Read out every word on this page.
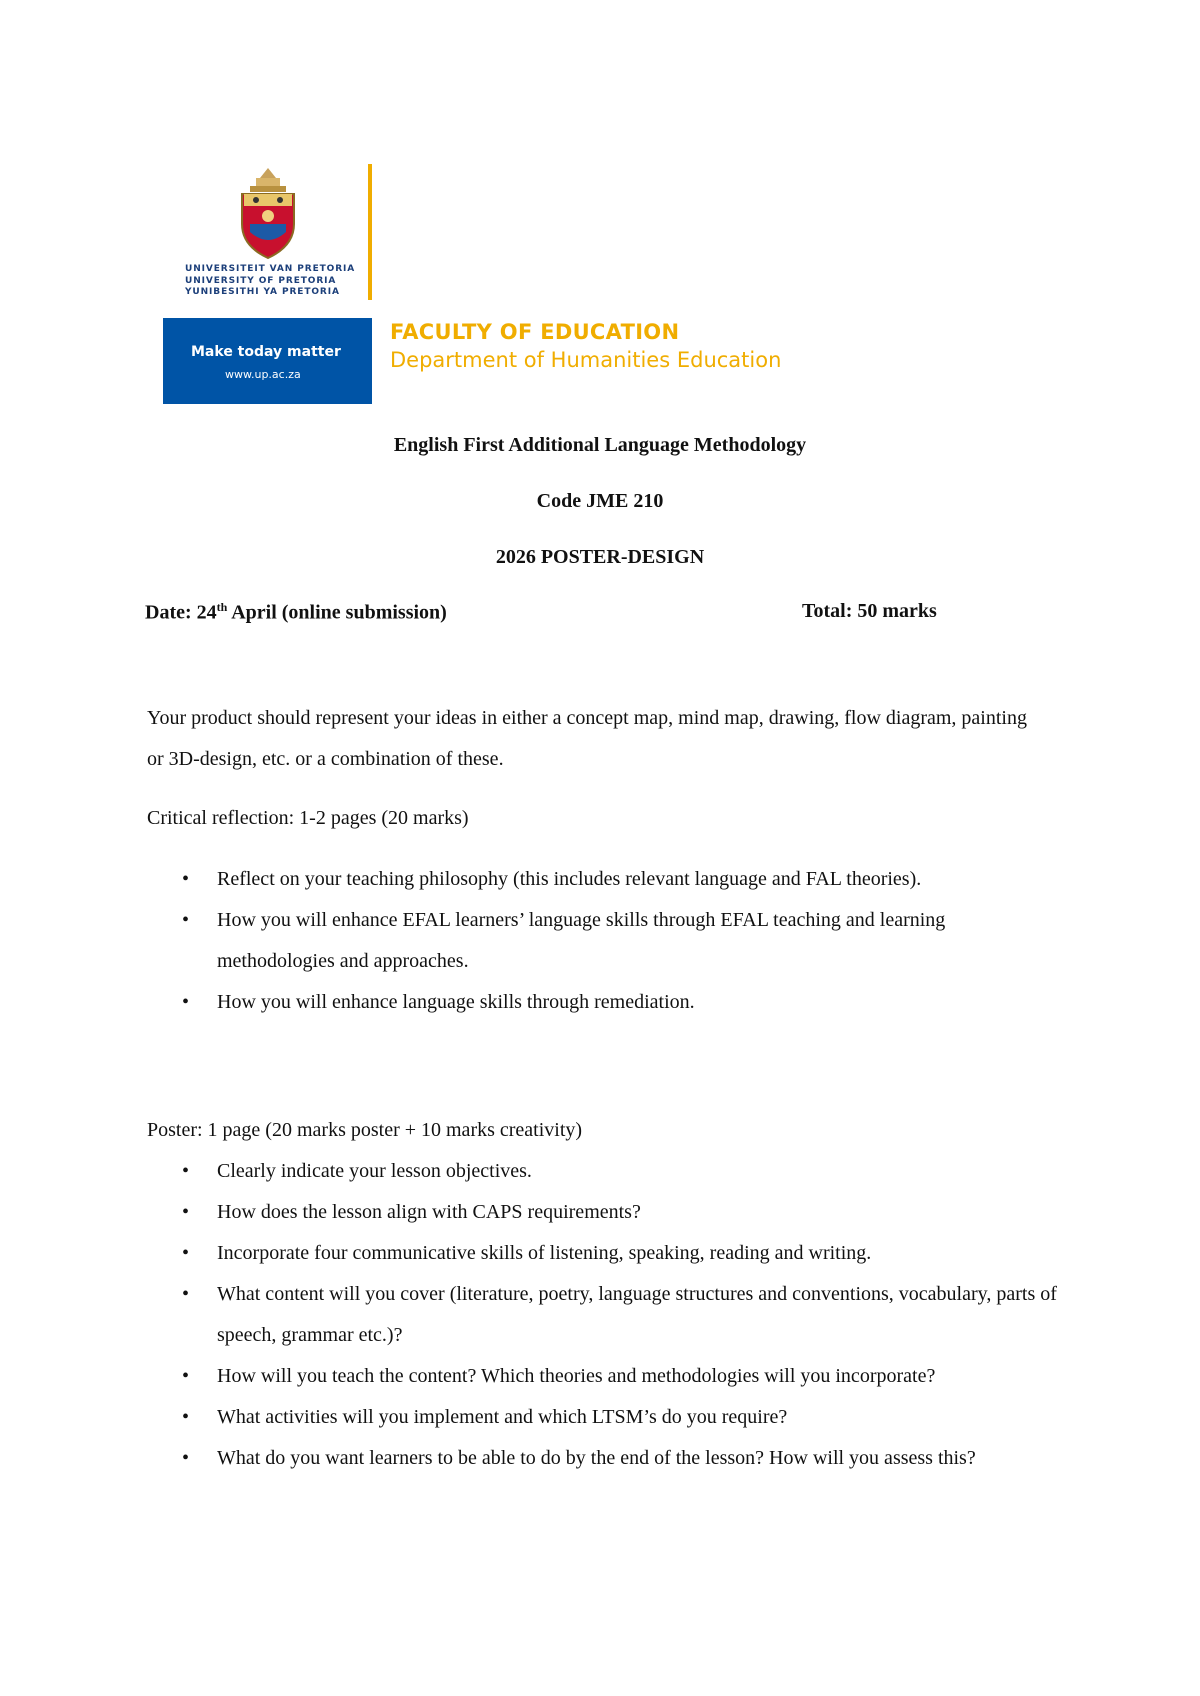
UNIVERSITEIT VAN PRETORIA
UNIVERSITY OF PRETORIA
YUNIBESITHI YA PRETORIA
Make today matter
www.up.ac.za
FACULTY OF EDUCATION
Department of Humanities Education
English First Additional Language Methodology
Code JME 210
2026 POSTER-DESIGN
Date: 24th April (online submission)	Total: 50 marks
Your product should represent your ideas in either a concept map, mind map, drawing, flow diagram, painting or 3D-design, etc. or a combination of these.
Critical reflection: 1-2 pages (20 marks)
• Reflect on your teaching philosophy (this includes relevant language and FAL theories).
• How you will enhance EFAL learners’ language skills through EFAL teaching and learning methodologies and approaches.
• How you will enhance language skills through remediation.
Poster: 1 page (20 marks poster + 10 marks creativity)
• Clearly indicate your lesson objectives.
• How does the lesson align with CAPS requirements?
• Incorporate four communicative skills of listening, speaking, reading and writing.
• What content will you cover (literature, poetry, language structures and conventions, vocabulary, parts of speech, grammar etc.)?
• How will you teach the content? Which theories and methodologies will you incorporate?
• What activities will you implement and which LTSM’s do you require?
• What do you want learners to be able to do by the end of the lesson? How will you assess this?
